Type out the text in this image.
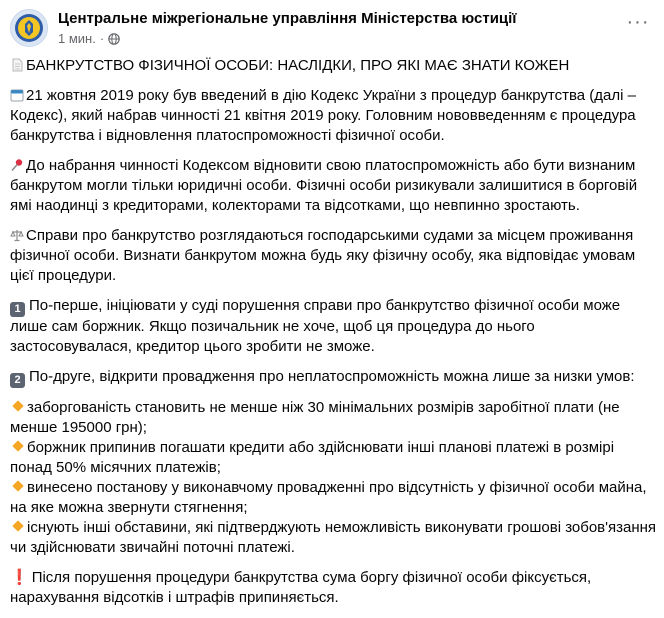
Центральне міжрегіональне управління Міністерства юстиції
1 мин. ·
···
БАНКРУТСТВО ФІЗИЧНОЇ ОСОБИ: НАСЛІДКИ, ПРО ЯКІ МАЄ ЗНАТИ КОЖЕН
21 жовтня 2019 року був введений в дію Кодекс України з процедур банкрутства (далі – Кодекс), який набрав чинності 21 квітня 2019 року. Головним нововведенням є процедура банкрутства і відновлення платоспроможності фізичної особи.
До набрання чинності Кодексом відновити свою платоспроможність або бути визнаним банкрутом могли тільки юридичні особи. Фізичні особи ризикували залишитися в борговій ямі наодинці з кредиторами, колекторами та відсотками, що невпинно зростають.
Справи про банкрутство розглядаються господарськими судами за місцем проживання фізичної особи. Визнати банкрутом можна будь яку фізичну особу, яка відповідає умовам цієї процедури.
1 По-перше, ініціювати у суді порушення справи про банкрутство фізичної особи може лише сам боржник. Якщо позичальник не хоче, щоб ця процедура до нього застосовувалася, кредитор цього зробити не зможе.
2 По-друге, відкрити провадження про неплатоспроможність можна лише за низки умов:
заборгованість становить не менше ніж 30 мінімальних розмірів заробітної плати (не менше 195000 грн);
боржник припинив погашати кредити або здійснювати інші планові платежі в розмірі понад 50% місячних платежів;
винесено постанову у виконавчому провадженні про відсутність у фізичної особи майна, на яке можна звернути стягнення;
існують інші обставини, які підтверджують неможливість виконувати грошові зобов'язання чи здійснювати звичайні поточні платежі.
❗ Після порушення процедури банкрутства сума боргу фізичної особи фіксується, нарахування відсотків і штрафів припиняється.
